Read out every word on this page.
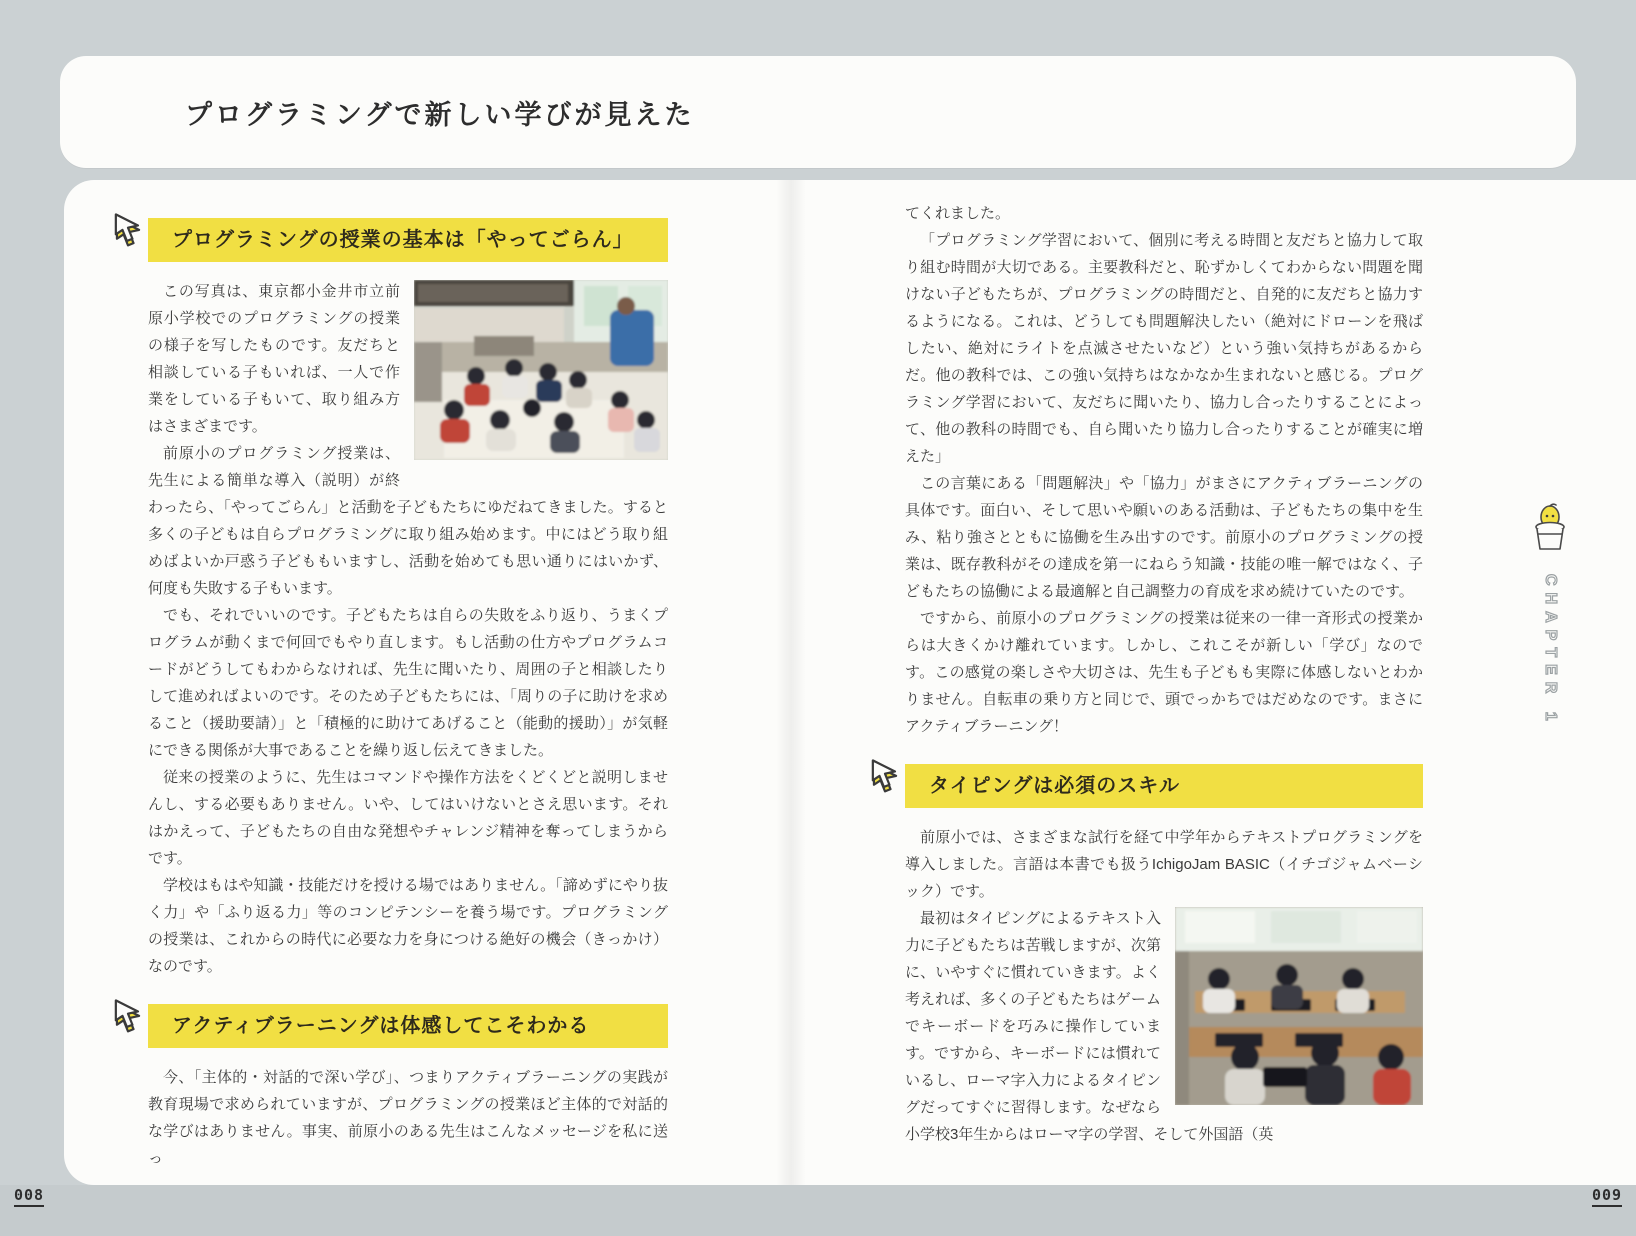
プログラミングで新しい学びが見えた
プログラミングの授業の基本は「やってごらん」

この写真は、東京都小金井市立前原小学校でのプログラミングの授業の様子を写したものです。友だちと相談している子もいれば、一人で作業をしている子もいて、取り組み方はさまざまです。

前原小のプログラミング授業は、先生による簡単な導入（説明）が終わったら、「やってごらん」と活動を子どもたちにゆだねてきました。すると多くの子どもは自らプログラミングに取り組み始めます。中にはどう取り組めばよいか戸惑う子どももいますし、活動を始めても思い通りにはいかず、何度も失敗する子もいます。

でも、それでいいのです。子どもたちは自らの失敗をふり返り、うまくプログラムが動くまで何回でもやり直します。もし活動の仕方やプログラムコードがどうしてもわからなければ、先生に聞いたり、周囲の子と相談したりして進めればよいのです。そのため子どもたちには、「周りの子に助けを求めること（援助要請）」と「積極的に助けてあげること（能動的援助）」が気軽にできる関係が大事であることを繰り返し伝えてきました。

従来の授業のように、先生はコマンドや操作方法をくどくどと説明しませんし、する必要もありません。いや、してはいけないとさえ思います。それはかえって、子どもたちの自由な発想やチャレンジ精神を奪ってしまうからです。

学校はもはや知識・技能だけを授ける場ではありません。「諦めずにやり抜く力」や「ふり返る力」等のコンピテンシーを養う場です。プログラミングの授業は、これからの時代に必要な力を身につける絶好の機会（きっかけ）なのです。

アクティブラーニングは体感してこそわかる

今、「主体的・対話的で深い学び」、つまりアクティブラーニングの実践が教育現場で求められていますが、プログラミングの授業ほど主体的で対話的な学びはありません。事実、前原小のある先生はこんなメッセージを私に送っ

てくれました。

「プログラミング学習において、個別に考える時間と友だちと協力して取り組む時間が大切である。主要教科だと、恥ずかしくてわからない問題を聞けない子どもたちが、プログラミングの時間だと、自発的に友だちと協力するようになる。これは、どうしても問題解決したい（絶対にドローンを飛ばしたい、絶対にライトを点滅させたいなど）という強い気持ちがあるからだ。他の教科では、この強い気持ちはなかなか生まれないと感じる。プログラミング学習において、友だちに聞いたり、協力し合ったりすることによって、他の教科の時間でも、自ら聞いたり協力し合ったりすることが確実に増えた」

この言葉にある「問題解決」や「協力」がまさにアクティブラーニングの具体です。面白い、そして思いや願いのある活動は、子どもたちの集中を生み、粘り強さとともに協働を生み出すのです。前原小のプログラミングの授業は、既存教科がその達成を第一にねらう知識・技能の唯一解ではなく、子どもたちの協働による最適解と自己調整力の育成を求め続けていたのです。

ですから、前原小のプログラミングの授業は従来の一律一斉形式の授業からは大きくかけ離れています。しかし、これこそが新しい「学び」なのです。この感覚の楽しさや大切さは、先生も子どもも実際に体感しないとわかりません。自転車の乗り方と同じで、頭でっかちではだめなのです。まさにアクティブラーニング！

タイピングは必須のスキル

前原小では、さまざまな試行を経て中学年からテキストプログラミングを導入しました。言語は本書でも扱うIchigoJam BASIC（イチゴジャムベーシック）です。

最初はタイピングによるテキスト入力に子どもたちは苦戦しますが、次第に、いやすぐに慣れていきます。よく考えれば、多くの子どもたちはゲームでキーボードを巧みに操作しています。ですから、キーボードには慣れているし、ローマ字入力によるタイピングだってすぐに習得します。なぜなら小学校3年生からはローマ字の学習、そして外国語（英

CHAPTER 1
008	009
